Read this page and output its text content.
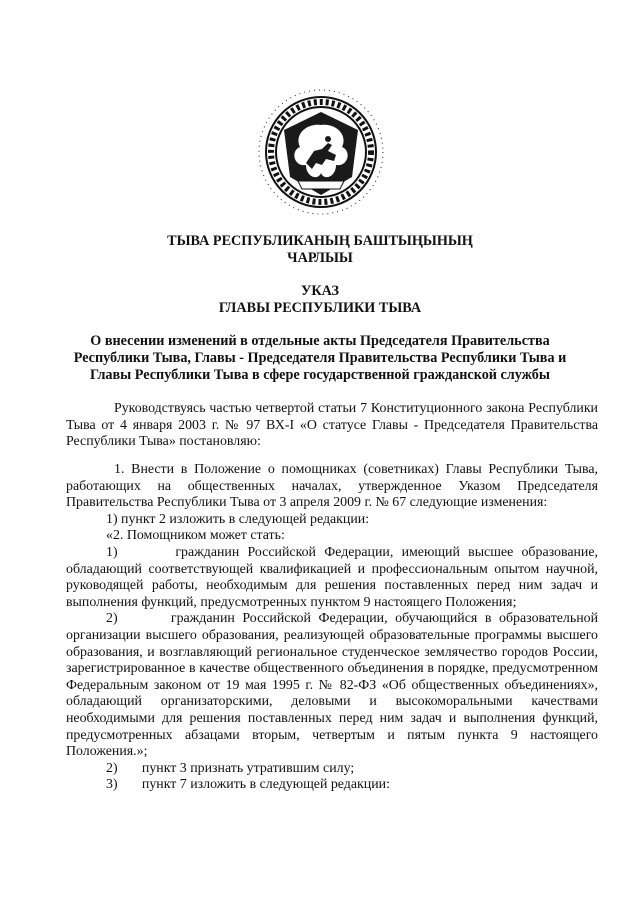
ТЫВА РЕСПУБЛИКАНЫҢ БАШТЫҢЫНЫҢ
ЧАРЛЫЫ
УКАЗ
ГЛАВЫ РЕСПУБЛИКИ ТЫВА
О внесении изменений в отдельные акты Председателя Правительства
Республики Тыва, Главы - Председателя Правительства Республики Тыва и
Главы Республики Тыва в сфере государственной гражданской службы

Руководствуясь частью четвертой статьи 7 Конституционного закона Республики Тыва от 4 января 2003 г. № 97 ВХ-I «О статусе Главы - Председателя Правительства Республики Тыва» постановляю:

1. Внести в Положение о помощниках (советниках) Главы Республики Тыва, работающих на общественных началах, утвержденное Указом Председателя Правительства Республики Тыва от 3 апреля 2009 г. № 67 следующие изменения:

1) пункт 2 изложить в следующей редакции:

«2. Помощником может стать:

1)	гражданин Российской Федерации, имеющий высшее образование, обладающий соответствующей квалификацией и профессиональным опытом научной, руководящей работы, необходимым для решения поставленных перед ним задач и выполнения функций, предусмотренных пунктом 9 настоящего Положения;

2)	гражданин Российской Федерации, обучающийся в образовательной организации высшего образования, реализующей образовательные программы высшего образования, и возглавляющий региональное студенческое землячество городов России, зарегистрированное в качестве общественного объединения в порядке, предусмотренном Федеральным законом от 19 мая 1995 г. № 82-ФЗ «Об общественных объединениях», обладающий организаторскими, деловыми и высокоморальными качествами необходимыми для решения поставленных перед ним задач и выполнения функций, предусмотренных абзацами вторым, четвертым и пятым пункта 9 настоящего Положения.»;

2) пункт 3 признать утратившим силу;

3) пункт 7 изложить в следующей редакции:
